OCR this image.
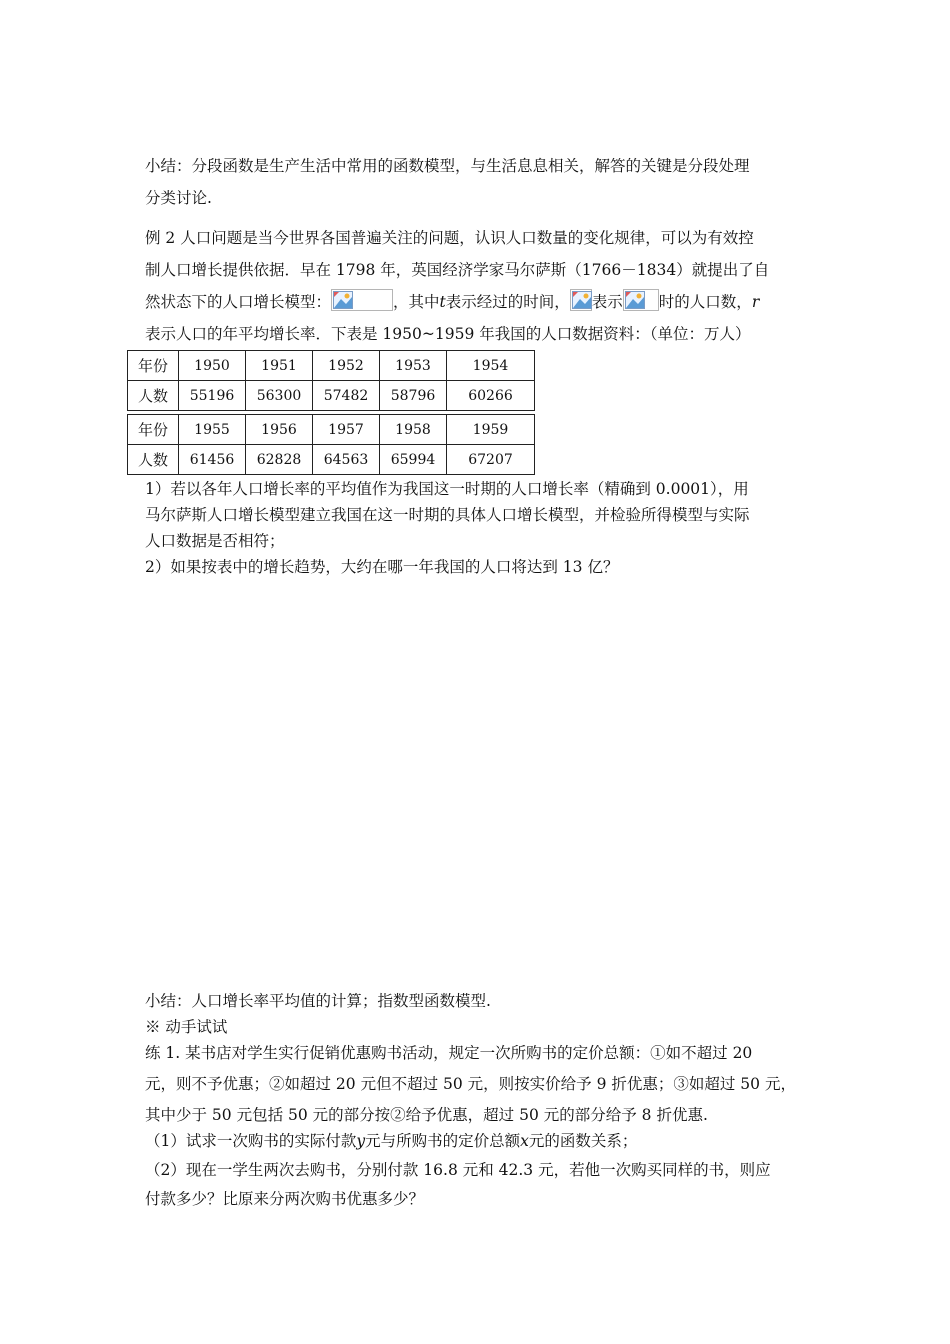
小结：分段函数是生产生活中常用的函数模型，与生活息息相关，解答的关键是分段处理

分类讨论.

例 2 人口问题是当今世界各国普遍关注的问题，认识人口数量的变化规律，可以为有效控

制人口增长提供依据．早在 1798 年，英国经济学家马尔萨斯（1766－1834）就提出了自

然状态下的人口增长模型：	，其中t表示经过的时间， 表示 时的人口数，r

表示人口的年平均增长率．下表是 1950~1959 年我国的人口数据资料：（单位：万人）

年份	1950	1951	1952	1953	1954
人数	55196	56300	57482	58796	60266
年份	1955	1956	1957	1958	1959
人数	61456	62828	64563	65994	67207

1）若以各年人口增长率的平均值作为我国这一时期的人口增长率（精确到 0.0001），用

马尔萨斯人口增长模型建立我国在这一时期的具体人口增长模型，并检验所得模型与实际

人口数据是否相符；

2）如果按表中的增长趋势，大约在哪一年我国的人口将达到 13 亿？

小结：人口增长率平均值的计算；指数型函数模型.

※ 动手试试

练 1. 某书店对学生实行促销优惠购书活动，规定一次所购书的定价总额：①如不超过 20

元，则不予优惠；②如超过 20 元但不超过 50 元，则按实价给予 9 折优惠；③如超过 50 元，

其中少于 50 元包括 50 元的部分按②给予优惠，超过 50 元的部分给予 8 折优惠.

（1）试求一次购书的实际付款y元与所购书的定价总额x元的函数关系；

（2）现在一学生两次去购书，分别付款 16.8 元和 42.3 元，若他一次购买同样的书，则应

付款多少？比原来分两次购书优惠多少？
